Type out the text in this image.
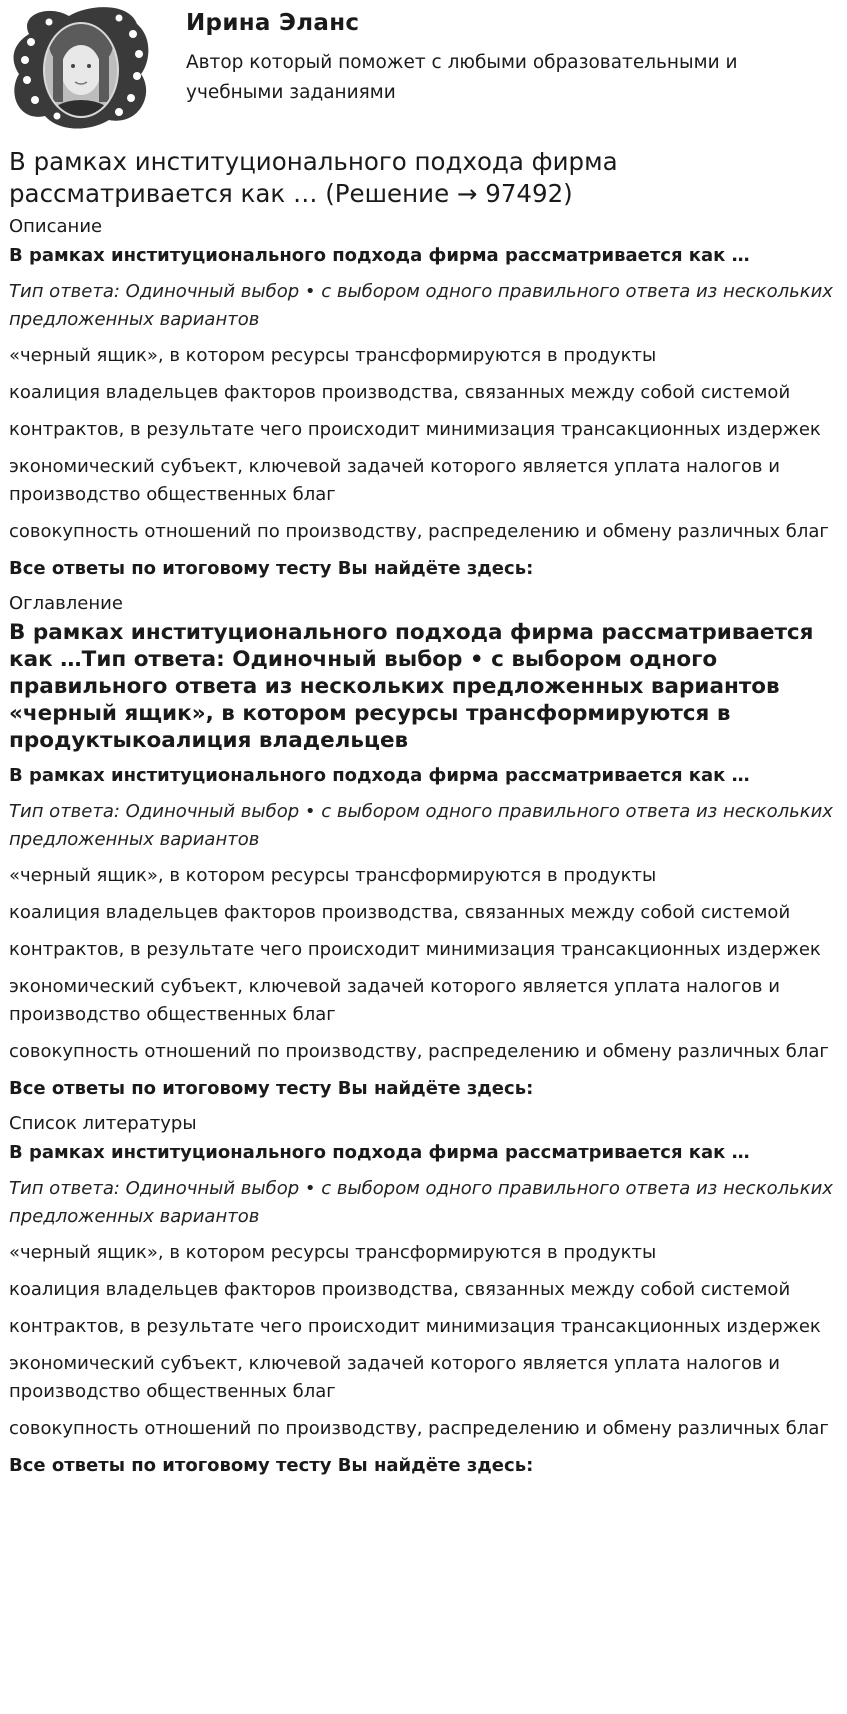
Ирина Эланс

Автор который поможет с любыми образовательными и учебными заданиями

В рамках институционального подхода фирма рассматривается как … (Решение → 97492)
Описание
В рамках институционального подхода фирма рассматривается как …
Тип ответа: Одиночный выбор • с выбором одного правильного ответа из нескольких предложенных вариантов
«черный ящик», в котором ресурсы трансформируются в продукты
коалиция владельцев факторов производства, связанных между собой системой
контрактов, в результате чего происходит минимизация трансакционных издержек
экономический субъект, ключевой задачей которого является уплата налогов и производство общественных благ
совокупность отношений по производству, распределению и обмену различных благ
Все ответы по итоговому тесту Вы найдёте здесь:
Оглавление
В рамках институционального подхода фирма рассматривается как …Тип ответа: Одиночный выбор • с выбором одного правильного ответа из нескольких предложенных вариантов «черный ящик», в котором ресурсы трансформируются в продуктыкоалиция владельцев
В рамках институционального подхода фирма рассматривается как …
Тип ответа: Одиночный выбор • с выбором одного правильного ответа из нескольких предложенных вариантов
«черный ящик», в котором ресурсы трансформируются в продукты
коалиция владельцев факторов производства, связанных между собой системой
контрактов, в результате чего происходит минимизация трансакционных издержек
экономический субъект, ключевой задачей которого является уплата налогов и производство общественных благ
совокупность отношений по производству, распределению и обмену различных благ
Все ответы по итоговому тесту Вы найдёте здесь:
Список литературы
В рамках институционального подхода фирма рассматривается как …
Тип ответа: Одиночный выбор • с выбором одного правильного ответа из нескольких предложенных вариантов
«черный ящик», в котором ресурсы трансформируются в продукты
коалиция владельцев факторов производства, связанных между собой системой
контрактов, в результате чего происходит минимизация трансакционных издержек
экономический субъект, ключевой задачей которого является уплата налогов и производство общественных благ
совокупность отношений по производству, распределению и обмену различных благ
Все ответы по итоговому тесту Вы найдёте здесь:
